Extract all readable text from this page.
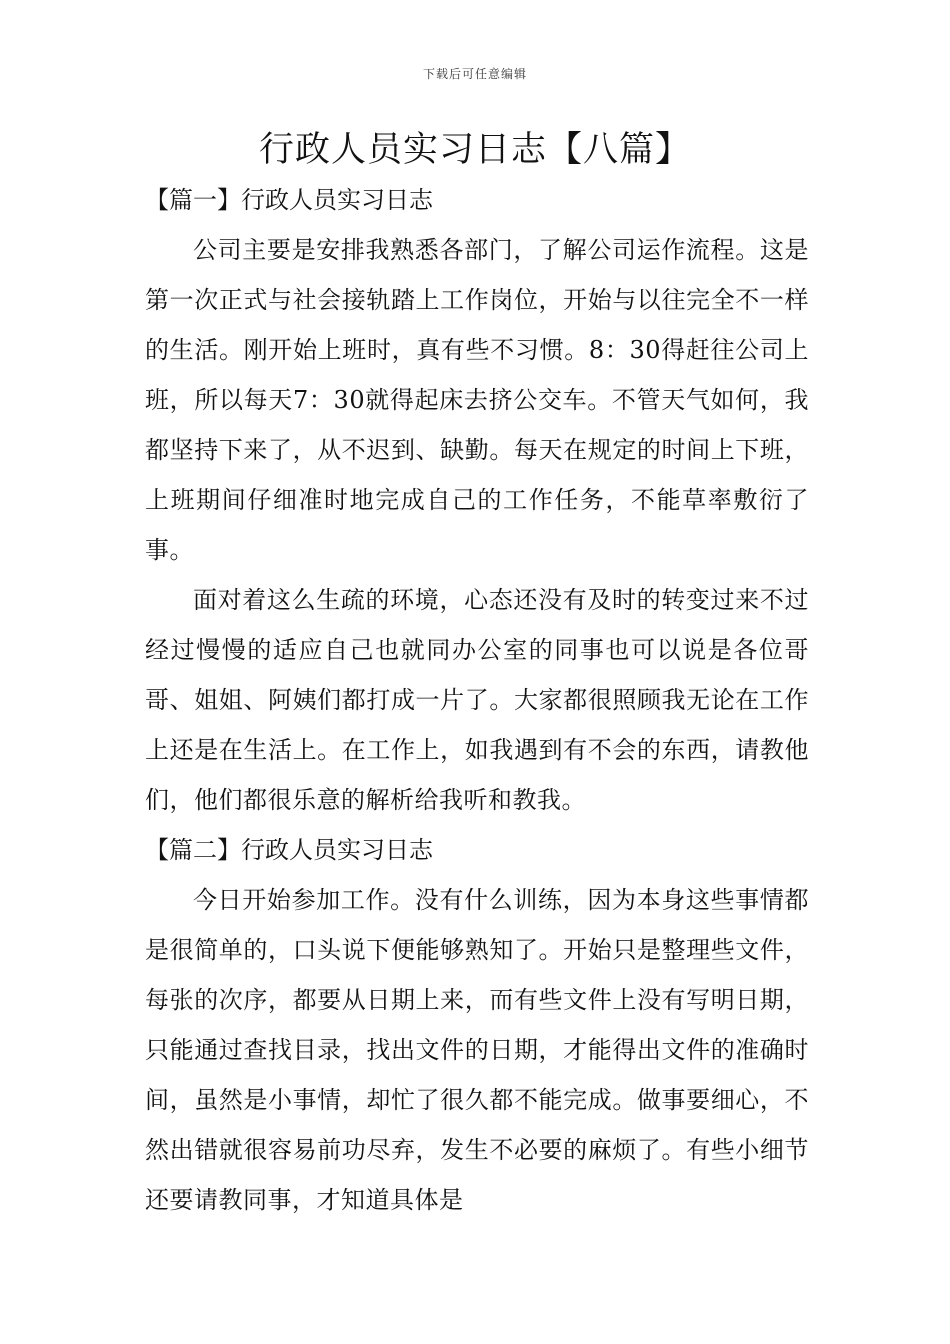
下载后可任意编辑
行政人员实习日志【八篇】
【篇一】行政人员实习日志

公司主要是安排我熟悉各部门，了解公司运作流程。这是第一次正式与社会接轨踏上工作岗位，开始与以往完全不一样的生活。刚开始上班时，真有些不习惯。8：30得赶往公司上班，所以每天7：30就得起床去挤公交车。不管天气如何，我都坚持下来了，从不迟到、缺勤。每天在规定的时间上下班，上班期间仔细准时地完成自己的工作任务，不能草率敷衍了事。

面对着这么生疏的环境，心态还没有及时的转变过来不过经过慢慢的适应自己也就同办公室的同事也可以说是各位哥哥、姐姐、阿姨们都打成一片了。大家都很照顾我无论在工作上还是在生活上。在工作上，如我遇到有不会的东西，请教他们，他们都很乐意的解析给我听和教我。

【篇二】行政人员实习日志

今日开始参加工作。没有什么训练，因为本身这些事情都是很简单的，口头说下便能够熟知了。开始只是整理些文件，每张的次序，都要从日期上来，而有些文件上没有写明日期，只能通过查找目录，找出文件的日期，才能得出文件的准确时间，虽然是小事情，却忙了很久都不能完成。做事要细心，不然出错就很容易前功尽弃，发生不必要的麻烦了。有些小细节还要请教同事，才知道具体是
